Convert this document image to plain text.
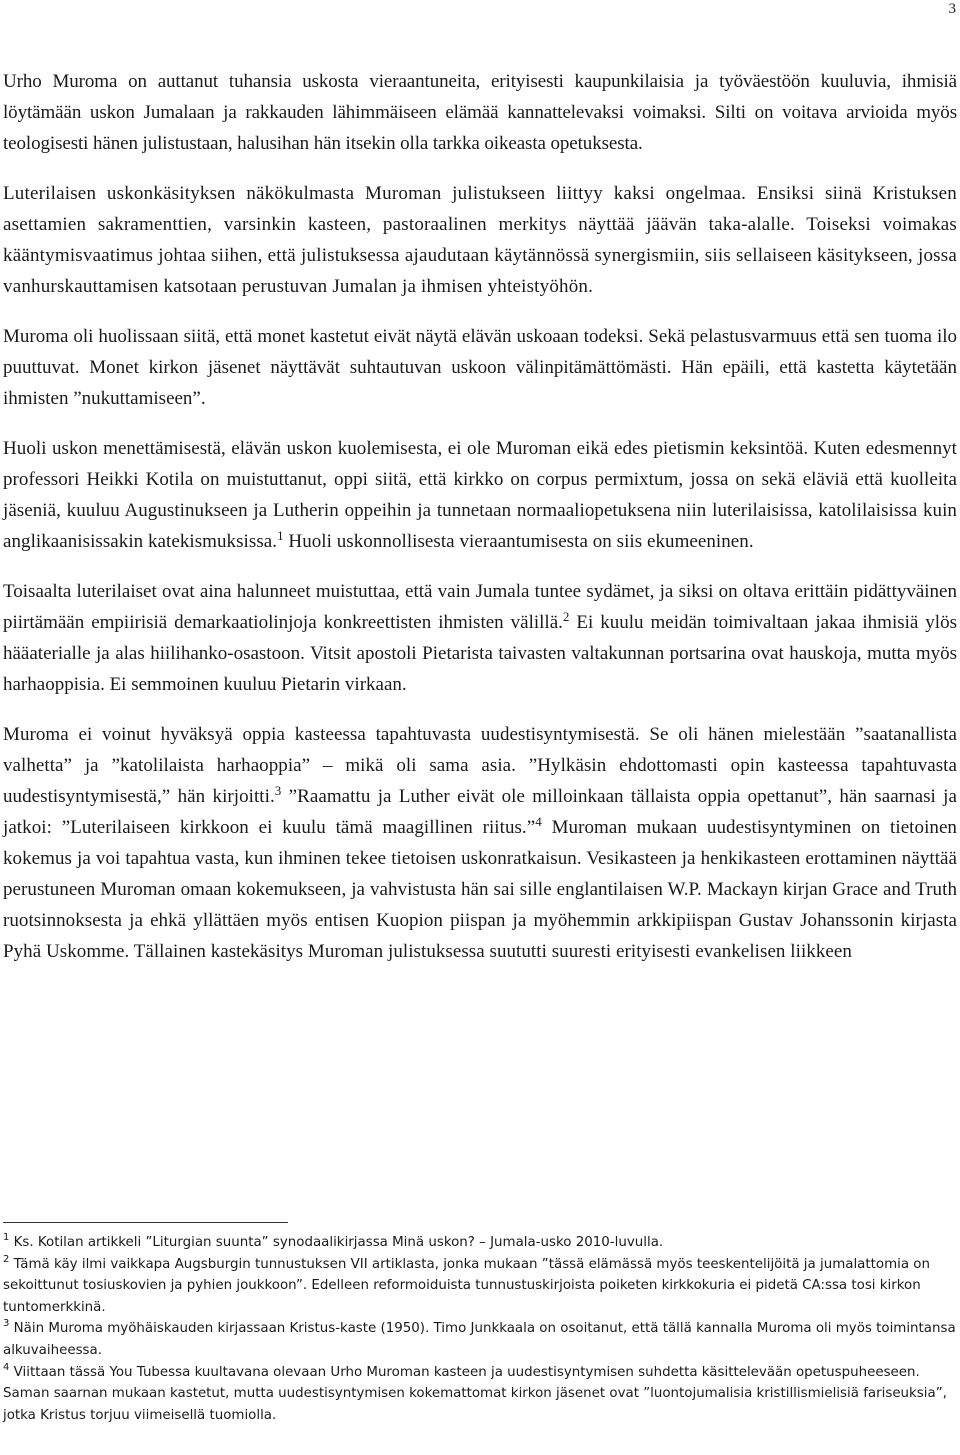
3

Urho Muroma on auttanut tuhansia uskosta vieraantuneita, erityisesti kaupunkilaisia ja työväestöön kuuluvia, ihmisiä löytämään uskon Jumalaan ja rakkauden lähimmäiseen elämää kannattelevaksi voimaksi. Silti on voitava arvioida myös teologisesti hänen julistustaan, halusihan hän itsekin olla tarkka oikeasta opetuksesta.

Luterilaisen uskonkäsityksen näkökulmasta Muroman julistukseen liittyy kaksi ongelmaa. Ensiksi siinä Kristuksen asettamien sakramenttien, varsinkin kasteen, pastoraalinen merkitys näyttää jäävän taka-alalle. Toiseksi voimakas kääntymisvaatimus johtaa siihen, että julistuksessa ajaudutaan käytännössä synergismiin, siis sellaiseen käsitykseen, jossa vanhurskauttamisen katsotaan perustuvan Jumalan ja ihmisen yhteistyöhön.

Muroma oli huolissaan siitä, että monet kastetut eivät näytä elävän uskoaan todeksi. Sekä pelastusvarmuus että sen tuoma ilo puuttuvat. Monet kirkon jäsenet näyttävät suhtautuvan uskoon välinpitämättömästi. Hän epäili, että kastetta käytetään ihmisten ”nukuttamiseen”.

Huoli uskon menettämisestä, elävän uskon kuolemisesta, ei ole Muroman eikä edes pietismin keksintöä. Kuten edesmennyt professori Heikki Kotila on muistuttanut, oppi siitä, että kirkko on corpus permixtum, jossa on sekä eläviä että kuolleita jäseniä, kuuluu Augustinukseen ja Lutherin oppeihin ja tunnetaan normaaliopetuksena niin luterilaisissa, katolilaisissa kuin anglikaanisissakin katekismuksissa.$^1$ Huoli uskonnollisesta vieraantumisesta on siis ekumeeninen.

Toisaalta luterilaiset ovat aina halunneet muistuttaa, että vain Jumala tuntee sydämet, ja siksi on oltava erittäin pidättyväinen piirtämään empiirisiä demarkaatiolinjoja konkreettisten ihmisten välillä.$^2$ Ei kuulu meidän toimivaltaan jakaa ihmisiä ylös hääaterialle ja alas hiilihanko-osastoon. Vitsit apostoli Pietarista taivasten valtakunnan portsarina ovat hauskoja, mutta myös harhaoppisia. Ei semmoinen kuuluu Pietarin virkaan.

Muroma ei voinut hyväksyä oppia kasteessa tapahtuvasta uudestisyntymisestä. Se oli hänen mielestään ”saatanallista valhetta” ja ”katolilaista harhaoppia” – mikä oli sama asia. ”Hylkäsin ehdottomasti opin kasteessa tapahtuvasta uudestisyntymisestä,” hän kirjoitti.$^3$ ”Raamattu ja Luther eivät ole milloinkaan tällaista oppia opettanut”, hän saarnasi ja jatkoi: ”Luterilaiseen kirkkoon ei kuulu tämä maagillinen riitus.”$^4$ Muroman mukaan uudestisyntyminen on tietoinen kokemus ja voi tapahtua vasta, kun ihminen tekee tietoisen uskonratkaisun. Vesikasteen ja henkikasteen erottaminen näyttää perustuneen Muroman omaan kokemukseen, ja vahvistusta hän sai sille englantilaisen W.P. Mackayn kirjan Grace and Truth ruotsinnoksesta ja ehkä yllättäen myös entisen Kuopion piispan ja myöhemmin arkkipiispan Gustav Johanssonin kirjasta Pyhä Uskomme. Tällainen kastekäsitys Muroman julistuksessa suututti suuresti erityisesti evankelisen liikkeen

$^1$ Ks. Kotilan artikkeli ”Liturgian suunta” synodaalikirjassa Minä uskon? – Jumala-usko 2010-luvulla.

$^2$ Tämä käy ilmi vaikkapa Augsburgin tunnustuksen VII artiklasta, jonka mukaan ”tässä elämässä myös teeskentelijöitä ja jumalattomia on sekoittunut tosiuskovien ja pyhien joukkoon”. Edelleen reformoiduista tunnustuskirjoista poiketen kirkkokuria ei pidetä CA:ssa tosi kirkon tuntomerkkinä.

$^3$ Näin Muroma myöhäiskauden kirjassaan Kristus-kaste (1950). Timo Junkkaala on osoitanut, että tällä kannalla Muroma oli myös toimintansa alkuvaiheessa.

$^4$ Viittaan tässä You Tubessa kuultavana olevaan Urho Muroman kasteen ja uudestisyntymisen suhdetta käsittelevään opetuspuheeseen. Saman saarnan mukaan kastetut, mutta uudestisyntymisen kokemattomat kirkon jäsenet ovat ”luontojumalisia kristillismielisiä fariseuksia”, jotka Kristus torjuu viimeisellä tuomiolla.
